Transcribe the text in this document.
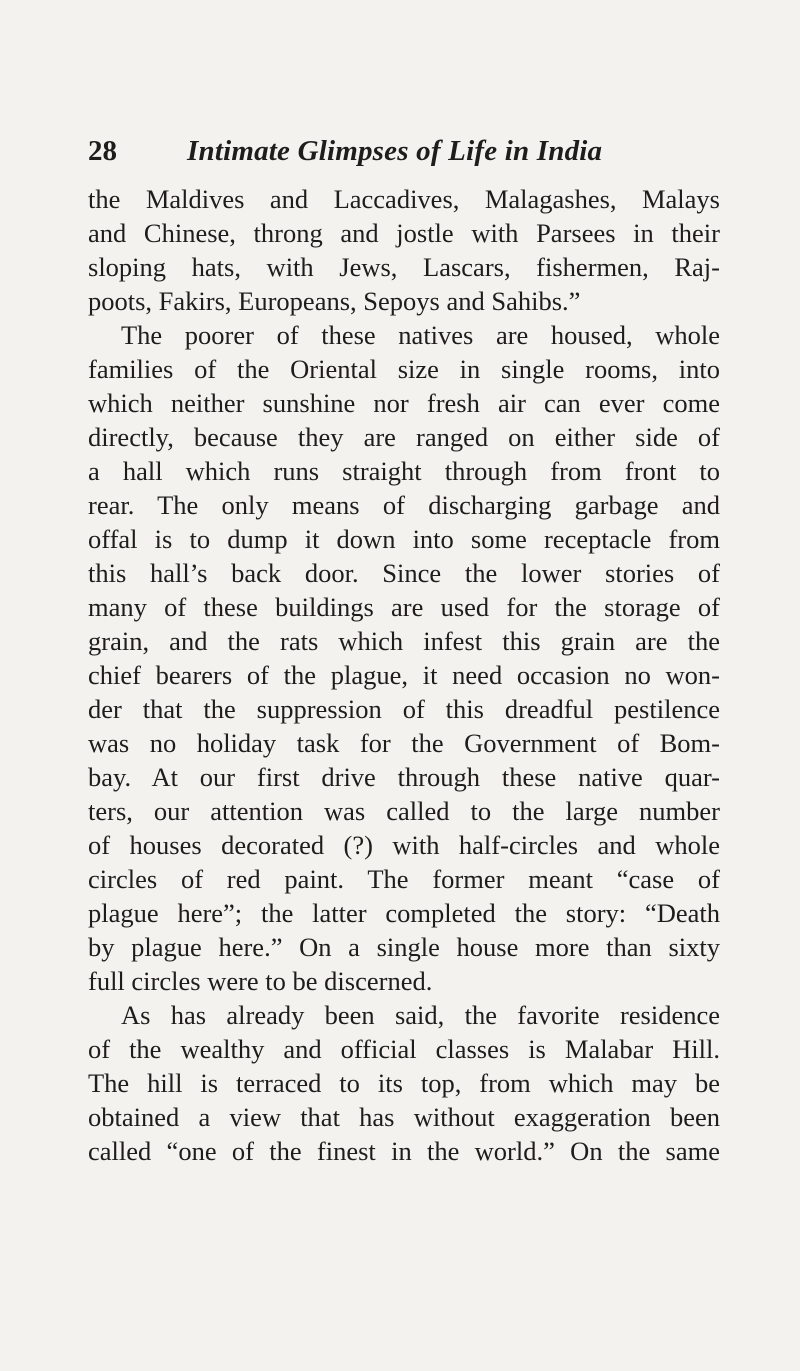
28 Intimate Glimpses of Life in India
the Maldives and Laccadives, Malagashes, Malays
and Chinese, throng and jostle with Parsees in their
sloping hats, with Jews, Lascars, fishermen, Raj-
poots, Fakirs, Europeans, Sepoys and Sahibs.”
The poorer of these natives are housed, whole
families of the Oriental size in single rooms, into
which neither sunshine nor fresh air can ever come
directly, because they are ranged on either side of
a hall which runs straight through from front to
rear. The only means of discharging garbage and
offal is to dump it down into some receptacle from
this hall’s back door. Since the lower stories of
many of these buildings are used for the storage of
grain, and the rats which infest this grain are the
chief bearers of the plague, it need occasion no won-
der that the suppression of this dreadful pestilence
was no holiday task for the Government of Bom-
bay. At our first drive through these native quar-
ters, our attention was called to the large number
of houses decorated (?) with half-circles and whole
circles of red paint. The former meant “case of
plague here”; the latter completed the story: “Death
by plague here.” On a single house more than sixty
full circles were to be discerned.
As has already been said, the favorite residence
of the wealthy and official classes is Malabar Hill.
The hill is terraced to its top, from which may be
obtained a view that has without exaggeration been
called “one of the finest in the world.” On the same
